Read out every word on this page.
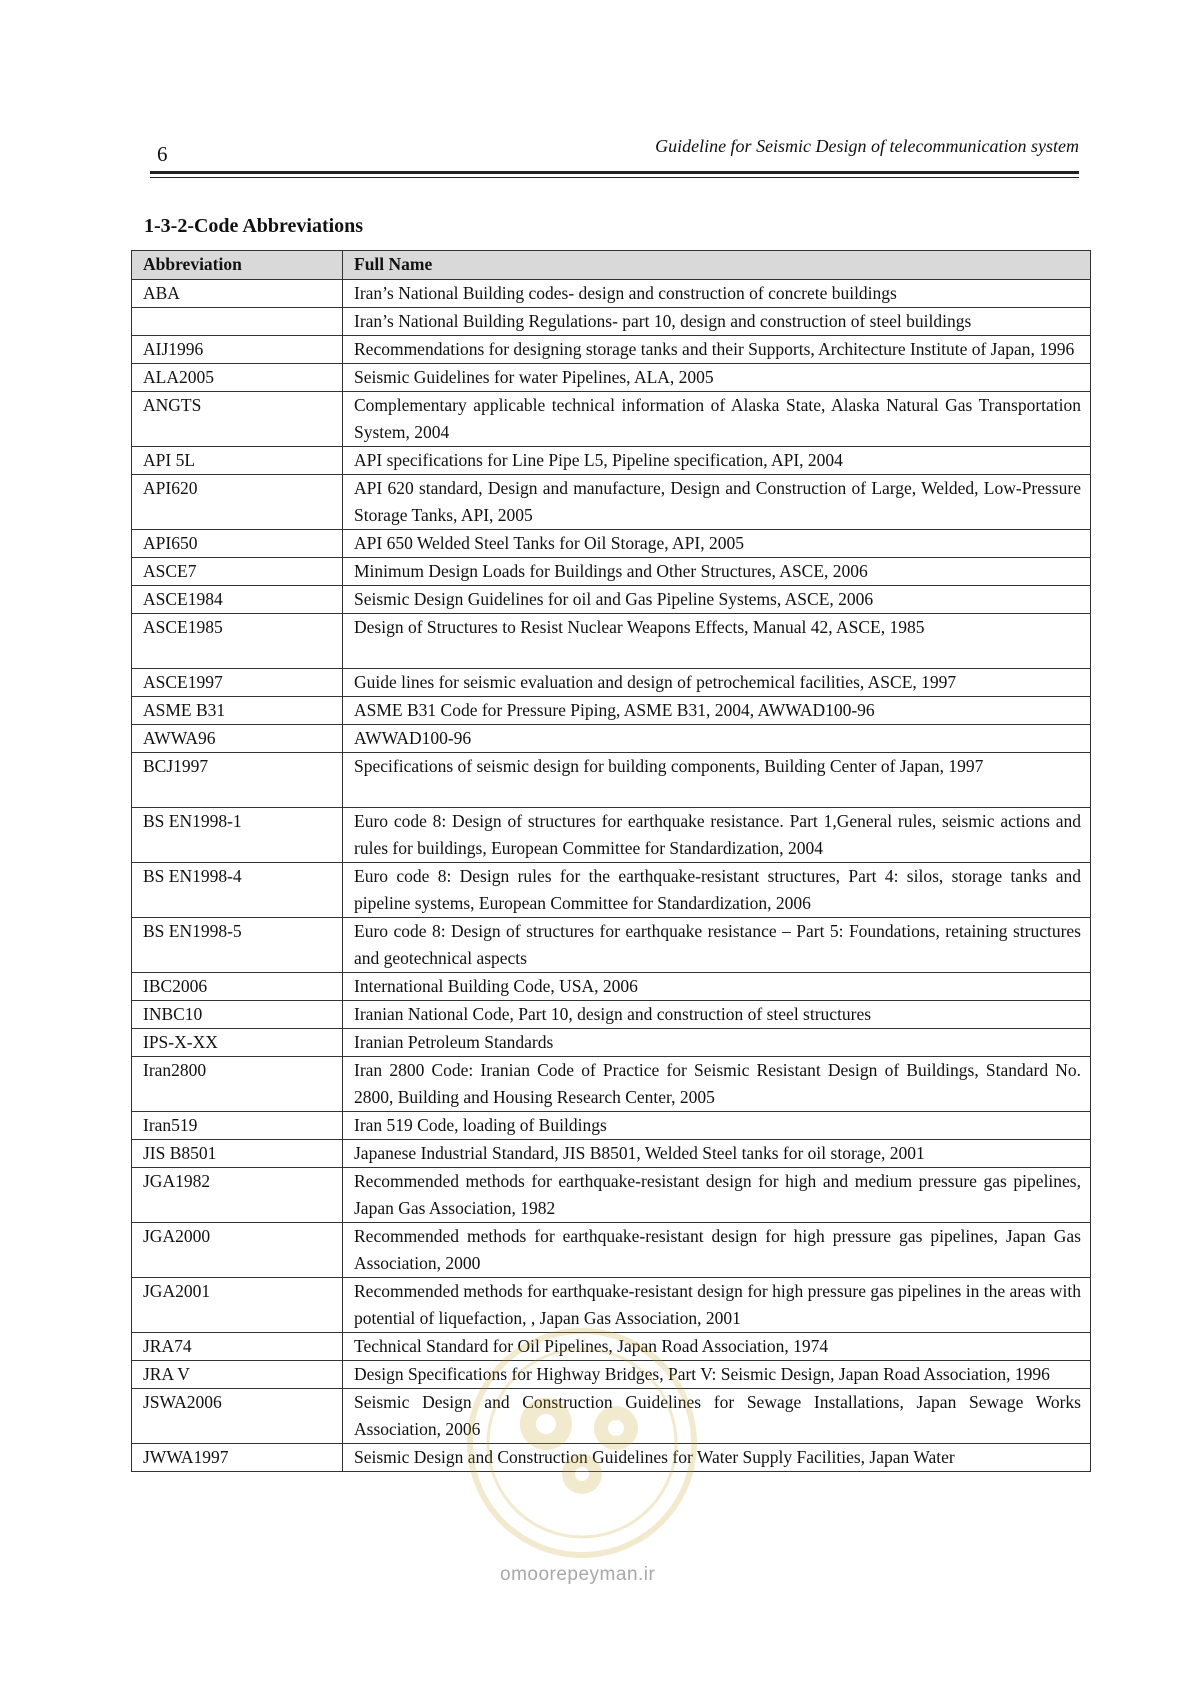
6	Guideline for Seismic Design of telecommunication system
1-3-2-Code Abbreviations
Abbreviation	Full Name
ABA	Iran’s National Building codes- design and construction of concrete buildings
	Iran’s National Building Regulations- part 10, design and construction of steel buildings
AIJ1996	Recommendations for designing storage tanks and their Supports, Architecture Institute of Japan, 1996
ALA2005	Seismic Guidelines for water Pipelines, ALA, 2005
ANGTS	Complementary applicable technical information of Alaska State, Alaska Natural Gas Transportation System, 2004
API 5L	API specifications for Line Pipe L5, Pipeline specification, API, 2004
API620	API 620 standard, Design and manufacture, Design and Construction of Large, Welded, Low-Pressure Storage Tanks, API, 2005
API650	API 650 Welded Steel Tanks for Oil Storage, API, 2005
ASCE7	Minimum Design Loads for Buildings and Other Structures, ASCE, 2006
ASCE1984	Seismic Design Guidelines for oil and Gas Pipeline Systems, ASCE, 2006
ASCE1985	Design of Structures to Resist Nuclear Weapons Effects, Manual 42, ASCE, 1985

ASCE1997	Guide lines for seismic evaluation and design of petrochemical facilities, ASCE, 1997
ASME B31	ASME B31 Code for Pressure Piping, ASME B31, 2004, AWWAD100-96
AWWA96	AWWAD100-96
BCJ1997	Specifications of seismic design for building components, Building Center of Japan, 1997

BS EN1998-1	Euro code 8: Design of structures for earthquake resistance. Part 1,General rules, seismic actions and rules for buildings, European Committee for Standardization, 2004
BS EN1998-4	Euro code 8: Design rules for the earthquake-resistant structures, Part 4: silos, storage tanks and pipeline systems, European Committee for Standardization, 2006
BS EN1998-5	Euro code 8: Design of structures for earthquake resistance – Part 5: Foundations, retaining structures and geotechnical aspects
IBC2006	International Building Code, USA, 2006
INBC10	Iranian National Code, Part 10, design and construction of steel structures
IPS-X-XX	Iranian Petroleum Standards
Iran2800	Iran 2800 Code: Iranian Code of Practice for Seismic Resistant Design of Buildings, Standard No. 2800, Building and Housing Research Center, 2005
Iran519	Iran 519 Code, loading of Buildings
JIS B8501	Japanese Industrial Standard, JIS B8501, Welded Steel tanks for oil storage, 2001
JGA1982	Recommended methods for earthquake-resistant design for high and medium pressure gas pipelines, Japan Gas Association, 1982
JGA2000	Recommended methods for earthquake-resistant design for high pressure gas pipelines, Japan Gas Association, 2000
JGA2001	Recommended methods for earthquake-resistant design for high pressure gas pipelines in the areas with potential of liquefaction, , Japan Gas Association, 2001
JRA74	Technical Standard for Oil Pipelines, Japan Road Association, 1974
JRA V	Design Specifications for Highway Bridges, Part V: Seismic Design, Japan Road Association, 1996
JSWA2006	Seismic Design and Construction Guidelines for Sewage Installations, Japan Sewage Works Association, 2006
JWWA1997	Seismic Design and Construction Guidelines for Water Supply Facilities, Japan Water
omoorepeyman.ir
